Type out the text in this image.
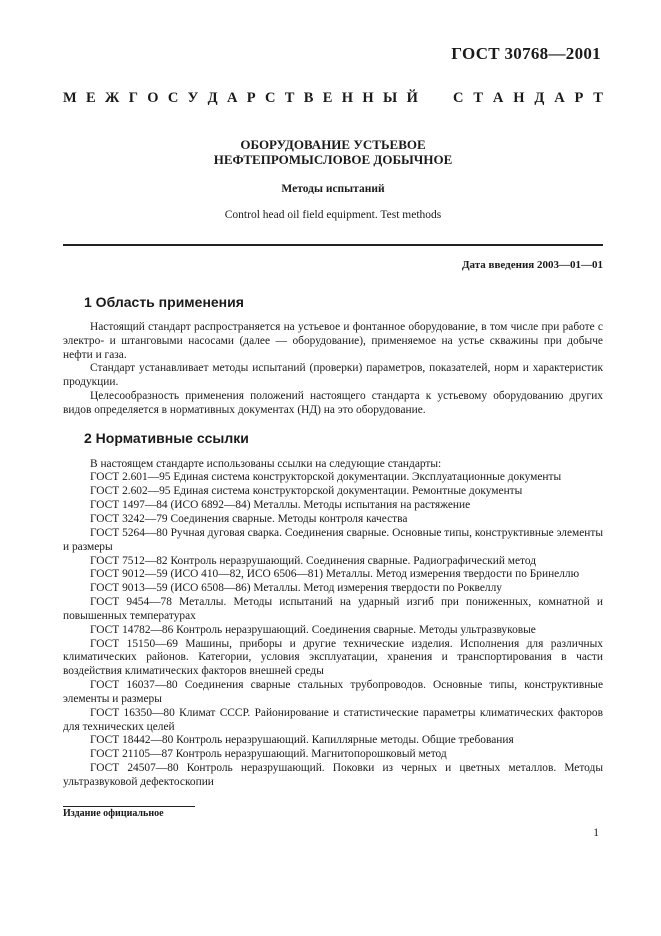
ГОСТ 30768—2001
М Е Ж Г О С У Д А Р С Т В Е Н Н Ы Й С Т А Н Д А Р Т
ОБОРУДОВАНИЕ УСТЬЕВОЕ
НЕФТЕПРОМЫСЛОВОЕ ДОБЫЧНОЕ
Методы испытаний
Control head oil field equipment. Test methods
Дата введения 2003—01—01
1 Область применения

Настоящий стандарт распространяется на устьевое и фонтанное оборудование, в том числе при работе с электро- и штанговыми насосами (далее — оборудование), применяемое на устье скважины при добыче нефти и газа.

Стандарт устанавливает методы испытаний (проверки) параметров, показателей, норм и характеристик продукции.

Целесообразность применения положений настоящего стандарта к устьевому оборудованию других видов определяется в нормативных документах (НД) на это оборудование.

2 Нормативные ссылки

В настоящем стандарте использованы ссылки на следующие стандарты:

ГОСТ 2.601—95 Единая система конструкторской документации. Эксплуатационные документы

ГОСТ 2.602—95 Единая система конструкторской документации. Ремонтные документы

ГОСТ 1497—84 (ИСО 6892—84) Металлы. Методы испытания на растяжение

ГОСТ 3242—79 Соединения сварные. Методы контроля качества

ГОСТ 5264—80 Ручная дуговая сварка. Соединения сварные. Основные типы, конструктивные элементы и размеры

ГОСТ 7512—82 Контроль неразрушающий. Соединения сварные. Радиографический метод

ГОСТ 9012—59 (ИСО 410—82, ИСО 6506—81) Металлы. Метод измерения твердости по Бринеллю

ГОСТ 9013—59 (ИСО 6508—86) Металлы. Метод измерения твердости по Роквеллу

ГОСТ 9454—78 Металлы. Методы испытаний на ударный изгиб при пониженных, комнатной и повышенных температурах

ГОСТ 14782—86 Контроль неразрушающий. Соединения сварные. Методы ультразвуковые

ГОСТ 15150—69 Машины, приборы и другие технические изделия. Исполнения для различных климатических районов. Категории, условия эксплуатации, хранения и транспортирования в части воздействия климатических факторов внешней среды

ГОСТ 16037—80 Соединения сварные стальных трубопроводов. Основные типы, конструктивные элементы и размеры

ГОСТ 16350—80 Климат СССР. Районирование и статистические параметры климатических факторов для технических целей

ГОСТ 18442—80 Контроль неразрушающий. Капиллярные методы. Общие требования

ГОСТ 21105—87 Контроль неразрушающий. Магнитопорошковый метод

ГОСТ 24507—80 Контроль неразрушающий. Поковки из черных и цветных металлов. Методы ультразвуковой дефектоскопии

Издание официальное
1
